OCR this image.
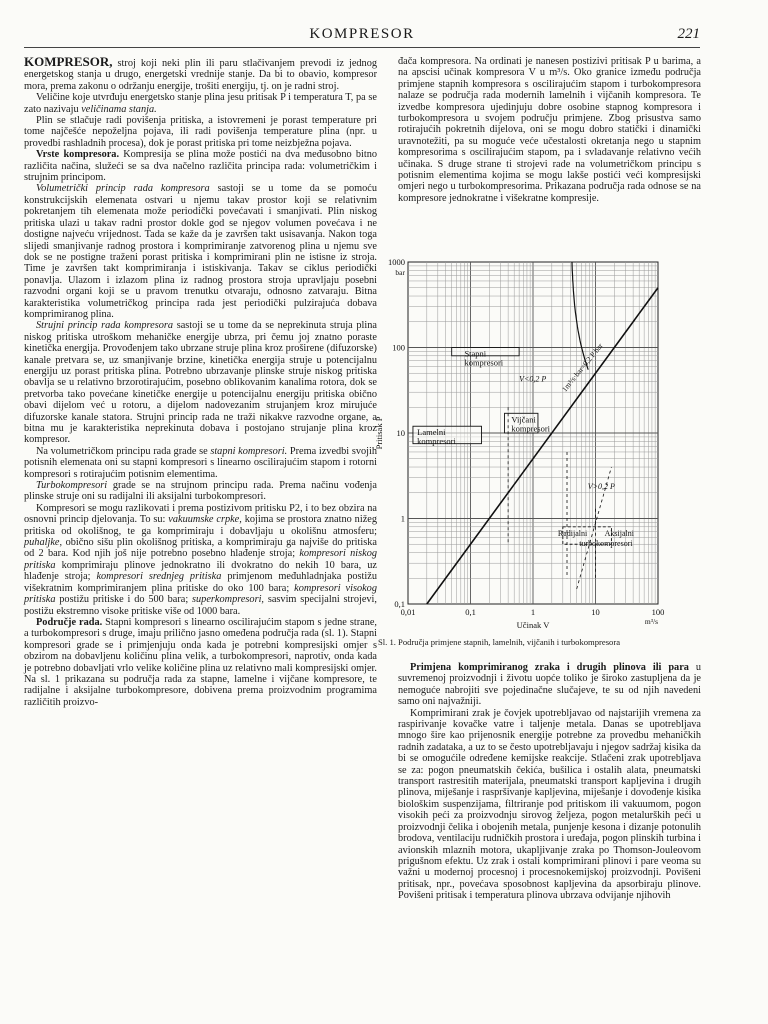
KOMPRESOR	221

KOMPRESOR, stroj koji neki plin ili paru stlačivanjem prevodi iz jednog energetskog stanja u drugo, energetski vrednije stanje. Da bi to obavio, kompresor mora, prema zakonu o održanju energije, trošiti energiju, tj. on je radni stroj.

Veličine koje utvrđuju energetsko stanje plina jesu pritisak P i temperatura T, pa se zato nazivaju veličinama stanja.

Plin se stlačuje radi povišenja pritiska, a istovremeni je porast temperature pri tome najčešće nepoželjna pojava, ili radi povišenja temperature plina (npr. u provedbi rashladnih procesa), dok je porast pritiska pri tome neizbježna pojava.

Vrste kompresora. Kompresija se plina može postići na dva međusobno bitno različita načina, služeći se sa dva načelno različita principa rada: volumetričkim i strujnim principom.

Volumetrički princip rada kompresora sastoji se u tome da se pomoću konstrukcijskih elemenata ostvari u njemu takav prostor koji se relativnim pokretanjem tih elemenata može periodički povećavati i smanjivati. Plin niskog pritiska ulazi u takav radni prostor dokle god se njegov volumen povećava i ne dostigne najveću vrijednost. Tada se kaže da je završen takt usisavanja. Nakon toga slijedi smanjivanje radnog prostora i komprimiranje zatvorenog plina u njemu sve dok se ne postigne traženi porast pritiska i komprimirani plin ne istisne iz stroja. Time je završen takt komprimiranja i istiskivanja. Takav se ciklus periodički ponavlja. Ulazom i izlazom plina iz radnog prostora stroja upravljaju posebni razvodni organi koji se u pravom trenutku otvaraju, odnosno zatvaraju. Bitna karakteristika volumetričkog principa rada jest periodički pulzirajuća dobava komprimiranog plina.

Strujni princip rada kompresora sastoji se u tome da se neprekinuta struja plina niskog pritiska utroškom mehaničke energije ubrza, pri čemu joj znatno poraste kinetička energija. Provođenjem tako ubrzane struje plina kroz proširene (difuzorske) kanale pretvara se, uz smanjivanje brzine, kinetička energija struje u potencijalnu energiju uz porast pritiska plina. Potrebno ubrzavanje plinske struje niskog pritiska obavlja se u relativno brzorotirajućim, posebno oblikovanim kanalima rotora, dok se pretvorba tako povećane kinetičke energije u potencijalnu energiju pritiska obično obavi dijelom već u rotoru, a dijelom nadovezanim strujanjem kroz mirujuće difuzorske kanale statora. Strujni princip rada ne traži nikakve razvodne organe, a bitna mu je karakteristika neprekinuta dobava i postojano strujanje plina kroz kompresor.

Na volumetričkom principu rada grade se stapni kompresori. Prema izvedbi svojih potisnih elemenata oni su stapni kompresori s linearno oscilirajućim stapom i rotorni kompresori s rotirajućim potisnim elementima.

Turbokompresori grade se na strujnom principu rada. Prema načinu vođenja plinske struje oni su radijalni ili aksijalni turbokompresori.

Kompresori se mogu razlikovati i prema postizivom pritisku P2, i to bez obzira na osnovni princip djelovanja. To su: vakuumske crpke, kojima se prostora znatno nižeg pritiska od okolišnog, te ga komprimiraju i dobavljaju u okolišnu atmosferu; puhaljke, obično sišu plin okolišnog pritiska, a komprimiraju ga najviše do pritiska od 2 bara. Kod njih još nije potrebno posebno hlađenje stroja; kompresori niskog pritiska komprimiraju plinove jednokratno ili dvokratno do nekih 10 bara, uz hlađenje stroja; kompresori srednjeg pritiska primjenom međuhladnjaka postižu višekratnim komprimiranjem plina pritiske do oko 100 bara; kompresori visokog pritiska postižu pritiske i do 500 bara; superkompresori, sasvim specijalni strojevi, postižu ekstremno visoke pritiske više od 1000 bara.

Područje rada. Stapni kompresori s linearno oscilirajućim stapom s jedne strane, a turbokompresori s druge, imaju prilično jasno omeđena područja rada (sl. 1). Stapni kompresori grade se i primjenjuju onda kada je potrebni kompresijski omjer s obzirom na dobavljenu količinu plina velik, a turbokompresori, naprotiv, onda kada je potrebno dobavljati vrlo velike količine plina uz relativno mali kompresijski omjer. Na sl. 1 prikazana su područja rada za stapne, lamelne i vijčane kompresore, te radijalne i aksijalne turbokompresore, dobivena prema proizvodnim programima različitih proizvo-

đača kompresora. Na ordinati je nanesen postizivi pritisak P u barima, a na apscisi učinak kompresora V u m³/s. Oko granice između područja primjene stapnih kompresora s oscilirajućim stapom i turbokompresora nalaze se područja rada modernih lamelnih i vijčanih kompresora. Te izvedbe kompresora ujedinjuju dobre osobine stapnog kompresora i turbokompresora u svojem području primjene. Zbog prisustva samo rotirajućih pokretnih dijelova, oni se mogu dobro statički i dinamički uravnotežiti, pa su moguće veće učestalosti okretanja nego u stapnim kompresorima s oscilirajućim stapom, pa i svladavanje relativno većih učinaka. S druge strane ti strojevi rade na volumetričkom principu s potisnim elementima kojima se mogu lakše postići veći kompresijski omjeri nego u turbokompresorima. Prikazana područja rada odnose se na kompresore jednokratne i višekratne kompresije.

0,01	0,1	1	10	100
0,1
1
10
100
1000
bar
m³/s
Učinak V
Pritisak P
Stapni
kompresori
Vijčani
kompresori
Lamelni
kompresori
Radijalni
turbokompresori
Aksijalni
V<0,2 P
V>0,2 P
1m³/s·bar=0,2 P bar
Sl. 1. Područja primjene stapnih, lamelnih, vijčanih i turbokompresora

Primjena komprimiranog zraka i drugih plinova ili para u suvremenoj proizvodnji i životu uopće toliko je široko zastupljena da je nemoguće nabrojiti sve pojedinačne slučajeve, te su od njih navedeni samo oni najvažniji.

Komprimirani zrak je čovjek upotrebljavao od najstarijih vremena za raspirivanje kovačke vatre i taljenje metala. Danas se upotrebljava mnogo šire kao prijenosnik energije potrebne za provedbu mehaničkih radnih zadataka, a uz to se često upotrebljavaju i njegov sadržaj kisika da bi se omogućile određene kemijske reakcije. Stlačeni zrak upotrebljava se za: pogon pneumatskih čekića, bušilica i ostalih alata, pneumatski transport rastresitih materijala, pneumatski transport kapljevina i drugih plinova, miješanje i raspršivanje kapljevina, miješanje i dovođenje kisika biološkim suspenzijama, filtriranje pod pritiskom ili vakuumom, pogon visokih peći za proizvodnju sirovog željeza, pogon metalurških peći u proizvodnji čelika i obojenih metala, punjenje kesona i dizanje potonulih brodova, ventilaciju rudničkih prostora i uređaja, pogon plinskih turbina i avionskih mlaznih motora, ukapljivanje zraka po Thomson-Jouleovom prigušnom efektu. Uz zrak i ostali komprimirani plinovi i pare veoma su važni u modernoj procesnoj i procesnokemijskoj proizvodnji. Povišeni pritisak, npr., povećava sposobnost kapljevina da apsorbiraju plinove. Povišeni pritisak i temperatura plinova ubrzava odvijanje njihovih
